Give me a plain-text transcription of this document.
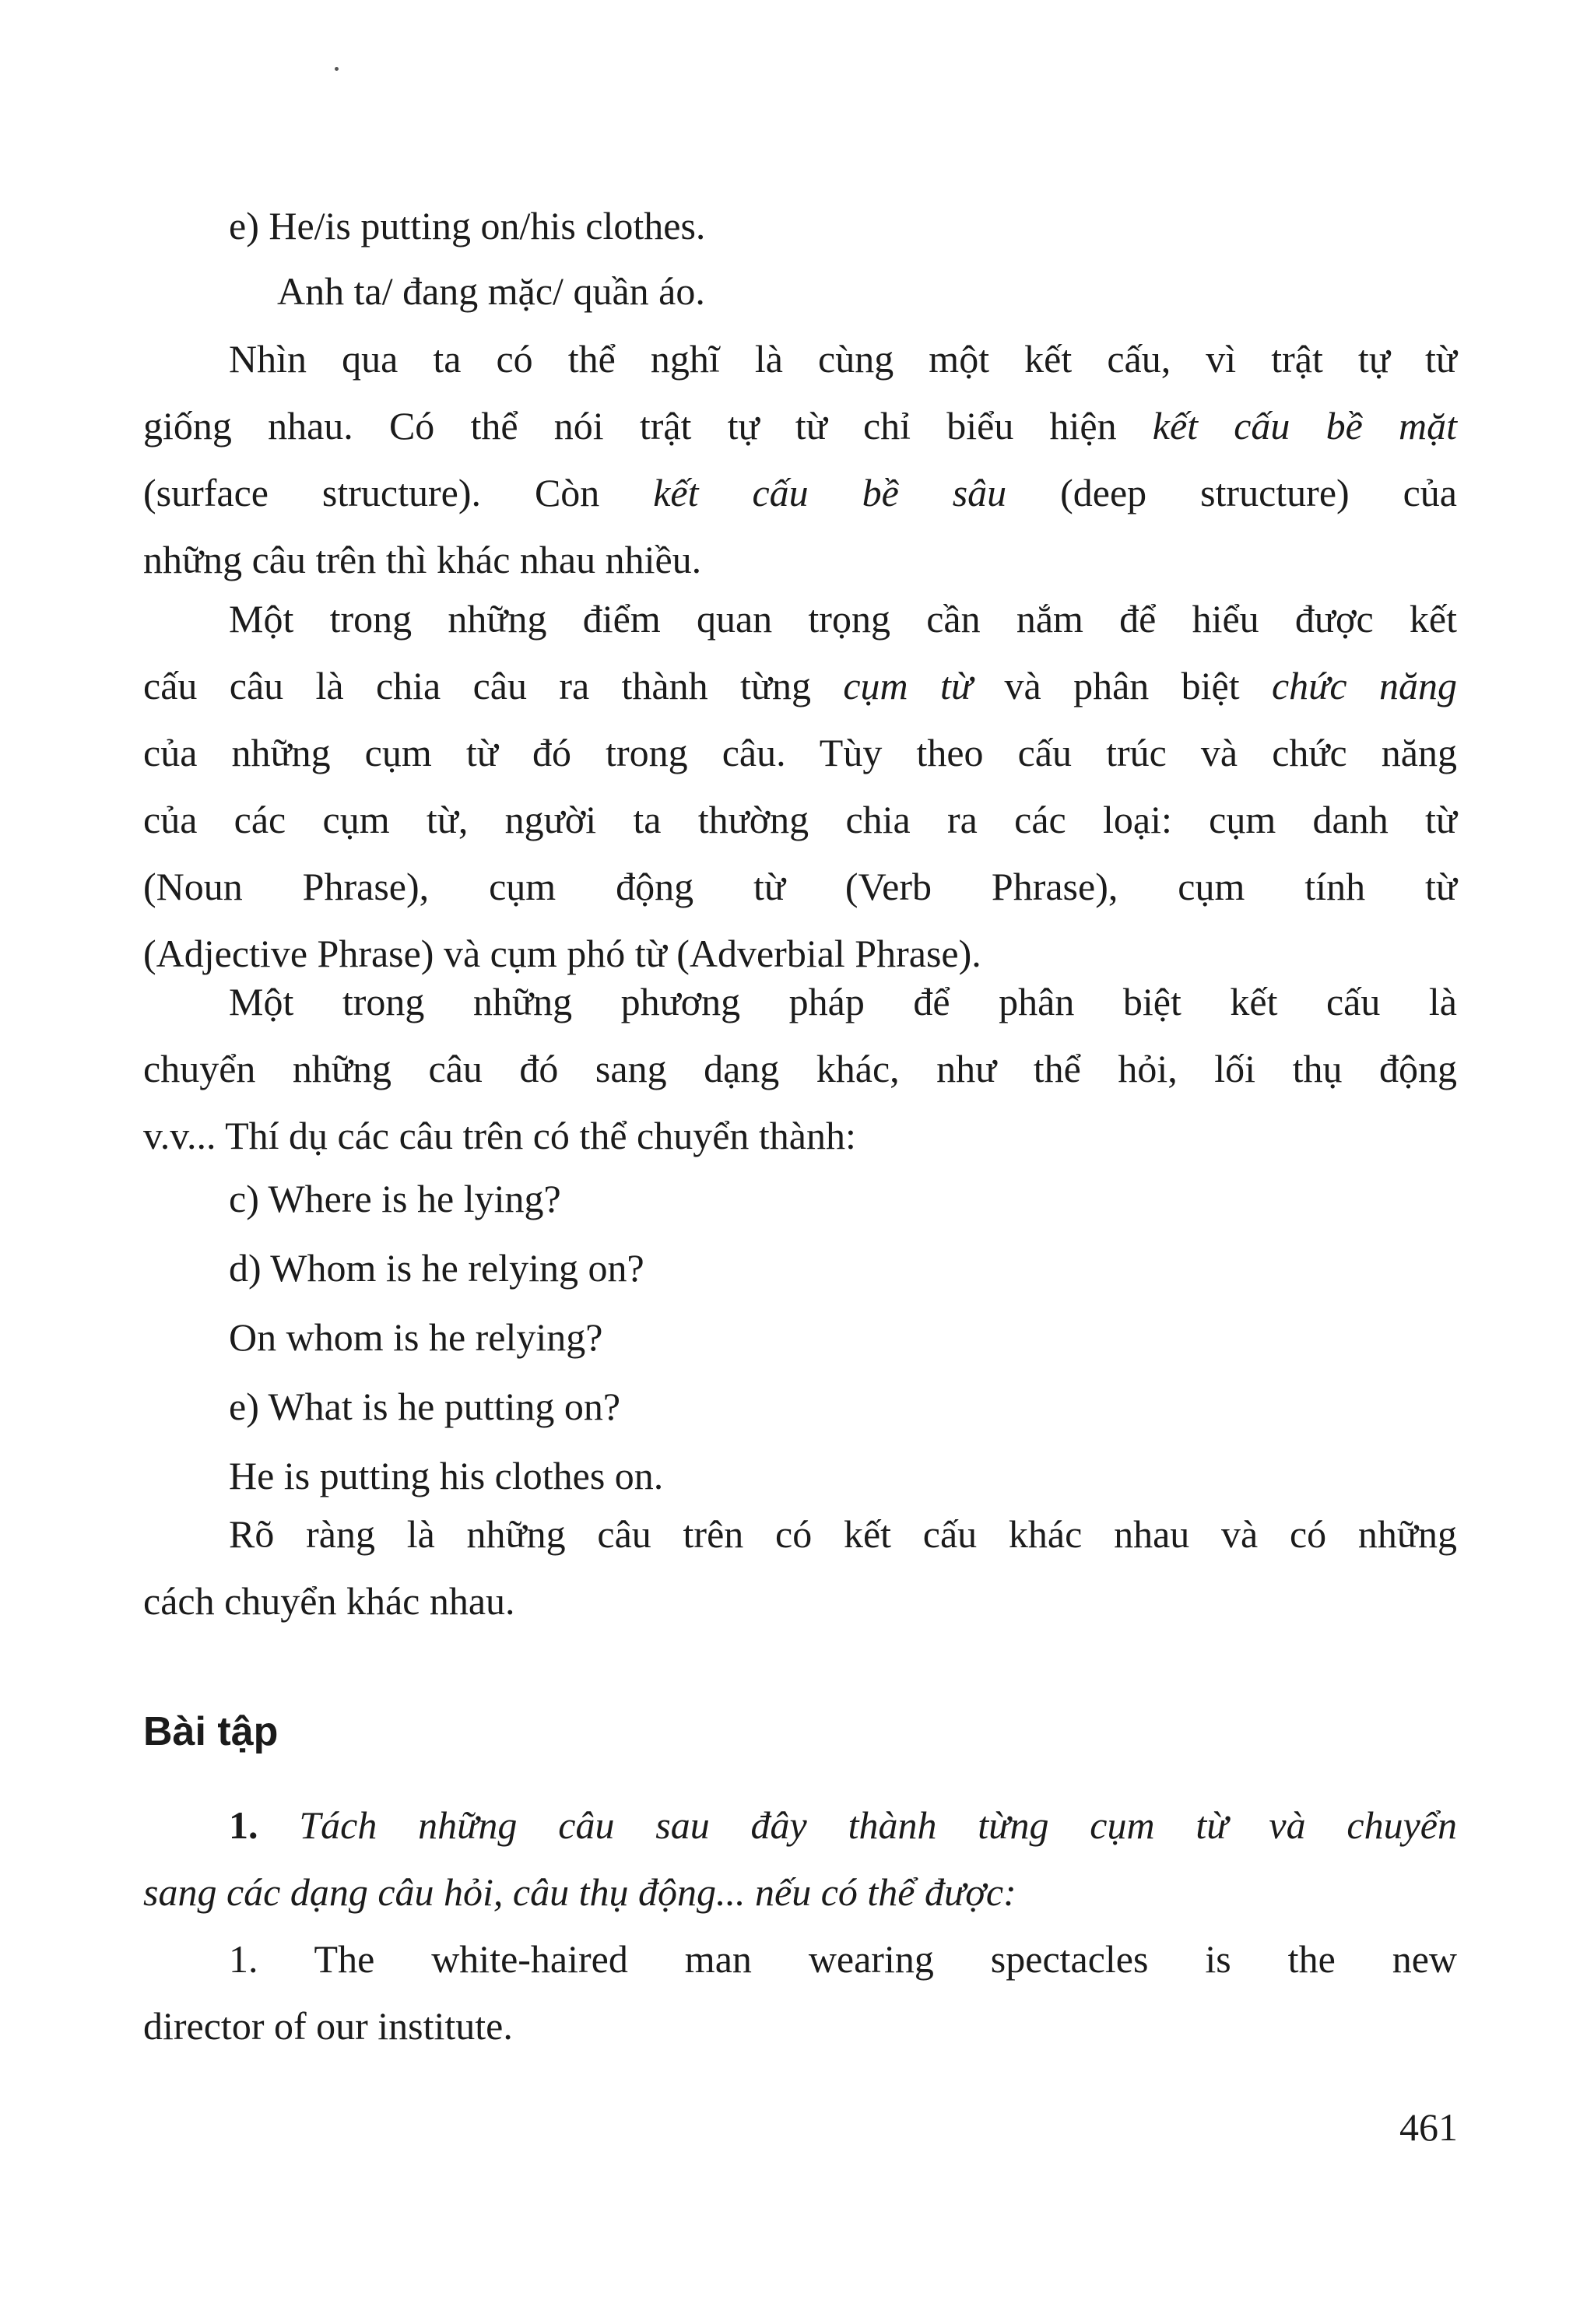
e) He/is putting on/his clothes.
Anh ta/ đang mặc/ quần áo.
Nhìn qua ta có thể nghĩ là cùng một kết cấu, vì trật tự từ
giống nhau. Có thể nói trật tự từ chỉ biểu hiện kết cấu bề mặt
(surface structure). Còn kết cấu bề sâu (deep structure) của
những câu trên thì khác nhau nhiều.
Một trong những điểm quan trọng cần nắm để hiểu được kết
cấu câu là chia câu ra thành từng cụm từ và phân biệt chức năng
của những cụm từ đó trong câu. Tùy theo cấu trúc và chức năng
của các cụm từ, người ta thường chia ra các loại: cụm danh từ
(Noun Phrase), cụm động từ (Verb Phrase), cụm tính từ
(Adjective Phrase) và cụm phó từ (Adverbial Phrase).
Một trong những phương pháp để phân biệt kết cấu là
chuyển những câu đó sang dạng khác, như thể hỏi, lối thụ động
v.v... Thí dụ các câu trên có thể chuyển thành:
c) Where is he lying?
d) Whom is he relying on?
On whom is he relying?
e) What is he putting on?
He is putting his clothes on.
Rõ ràng là những câu trên có kết cấu khác nhau và có những
cách chuyển khác nhau.
Bài tập
1. Tách những câu sau đây thành từng cụm từ và chuyển
sang các dạng câu hỏi, câu thụ động... nếu có thể được:
1. The white-haired man wearing spectacles is the new
director of our institute.
461
